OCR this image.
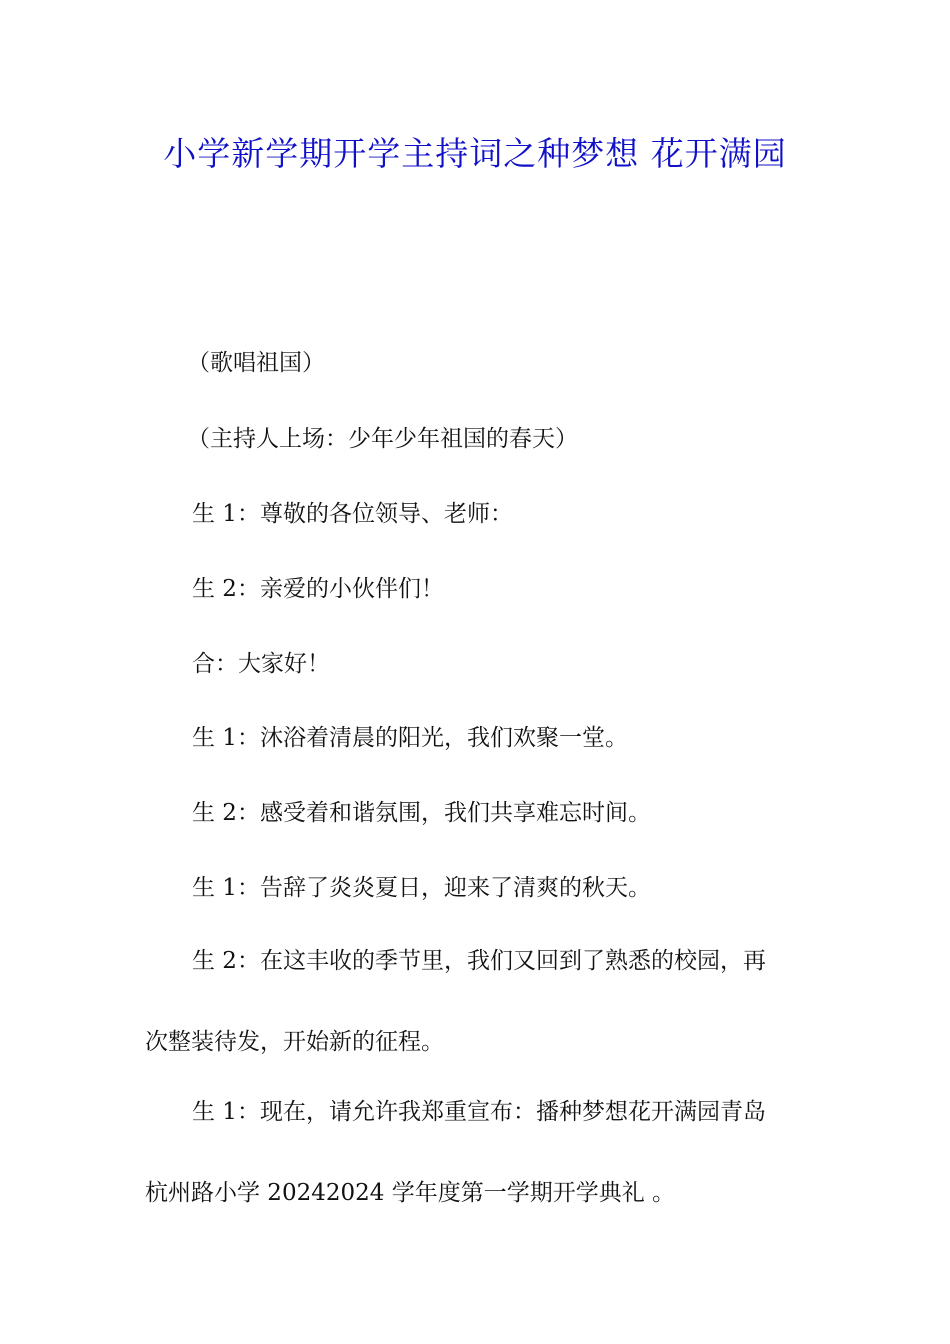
小学新学期开学主持词之种梦想 花开满园
（歌唱祖国）
（主持人上场：少年少年祖国的春天）
生 1：尊敬的各位领导、老师：
生 2：亲爱的小伙伴们！
合：大家好！
生 1：沐浴着清晨的阳光，我们欢聚一堂。
生 2：感受着和谐氛围，我们共享难忘时间。
生 1：告辞了炎炎夏日，迎来了清爽的秋天。
生 2：在这丰收的季节里，我们又回到了熟悉的校园，再
次整装待发，开始新的征程。
生 1：现在，请允许我郑重宣布：播种梦想花开满园青岛
杭州路小学 20242024 学年度第一学期开学典礼 。
